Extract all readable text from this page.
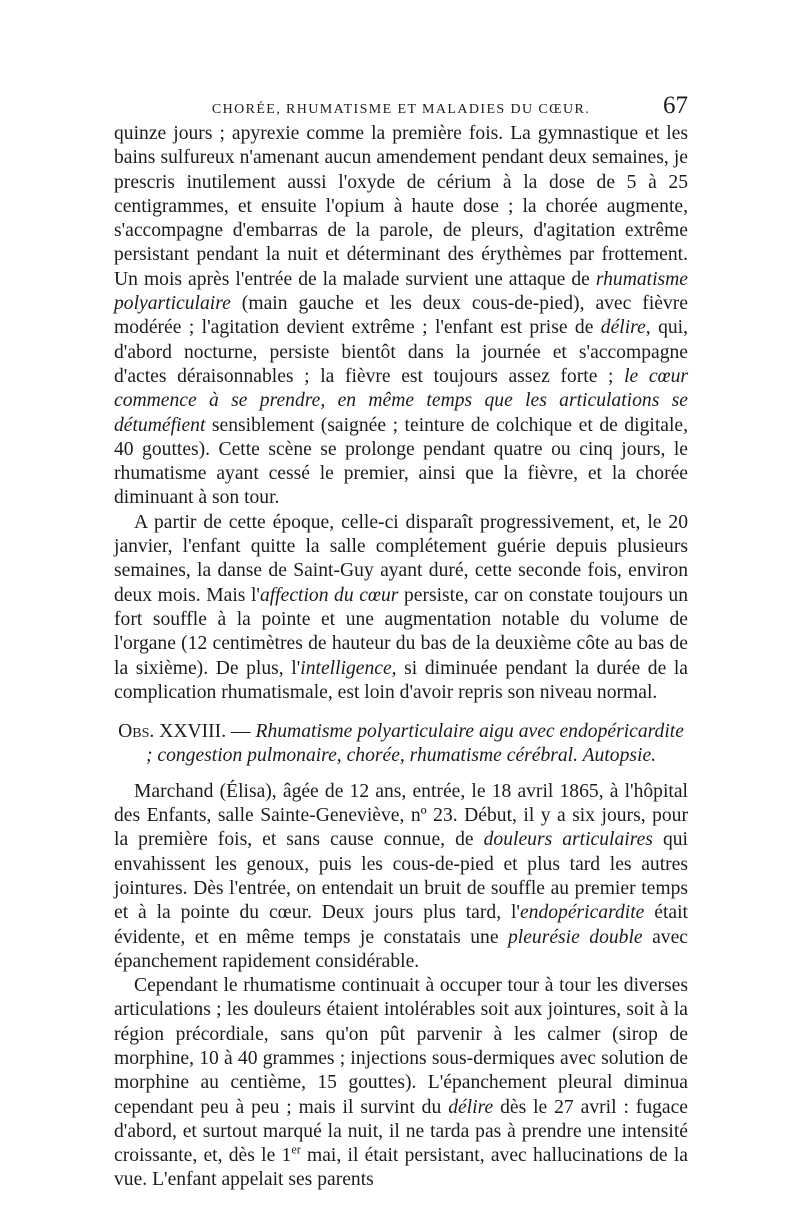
CHORÉE, RHUMATISME ET MALADIES DU CŒUR.	67

quinze jours ; apyrexie comme la première fois. La gymnastique et les bains sulfureux n'amenant aucun amendement pendant deux semaines, je prescris inutilement aussi l'oxyde de cérium à la dose de 5 à 25 centigrammes, et ensuite l'opium à haute dose ; la chorée augmente, s'accompagne d'embarras de la parole, de pleurs, d'agitation extrême persistant pendant la nuit et déterminant des érythèmes par frottement. Un mois après l'entrée de la malade survient une attaque de rhumatisme polyarticulaire (main gauche et les deux cous-de-pied), avec fièvre modérée ; l'agitation devient extrême ; l'enfant est prise de délire, qui, d'abord nocturne, persiste bientôt dans la journée et s'accompagne d'actes déraisonnables ; la fièvre est toujours assez forte ; le cœur commence à se prendre, en même temps que les articulations se détuméfient sensiblement (saignée ; teinture de colchique et de digitale, 40 gouttes). Cette scène se prolonge pendant quatre ou cinq jours, le rhumatisme ayant cessé le premier, ainsi que la fièvre, et la chorée diminuant à son tour.

A partir de cette époque, celle-ci disparaît progressivement, et, le 20 janvier, l'enfant quitte la salle complétement guérie depuis plusieurs semaines, la danse de Saint-Guy ayant duré, cette seconde fois, environ deux mois. Mais l'affection du cœur persiste, car on constate toujours un fort souffle à la pointe et une augmentation notable du volume de l'organe (12 centimètres de hauteur du bas de la deuxième côte au bas de la sixième). De plus, l'intelligence, si diminuée pendant la durée de la complication rhumatismale, est loin d'avoir repris son niveau normal.

Obs. XXVIII. — Rhumatisme polyarticulaire aigu avec endopéricardite ; congestion pulmonaire, chorée, rhumatisme cérébral. Autopsie.

Marchand (Élisa), âgée de 12 ans, entrée, le 18 avril 1865, à l'hôpital des Enfants, salle Sainte-Geneviève, nº 23. Début, il y a six jours, pour la première fois, et sans cause connue, de douleurs articulaires qui envahissent les genoux, puis les cous-de-pied et plus tard les autres jointures. Dès l'entrée, on entendait un bruit de souffle au premier temps et à la pointe du cœur. Deux jours plus tard, l'endopéricardite était évidente, et en même temps je constatais une pleurésie double avec épanchement rapidement considérable.

Cependant le rhumatisme continuait à occuper tour à tour les diverses articulations ; les douleurs étaient intolérables soit aux jointures, soit à la région précordiale, sans qu'on pût parvenir à les calmer (sirop de morphine, 10 à 40 grammes ; injections sous-dermiques avec solution de morphine au centième, 15 gouttes). L'épanchement pleural diminua cependant peu à peu ; mais il survint du délire dès le 27 avril : fugace d'abord, et surtout marqué la nuit, il ne tarda pas à prendre une intensité croissante, et, dès le 1er mai, il était persistant, avec hallucinations de la vue. L'enfant appelait ses parents
